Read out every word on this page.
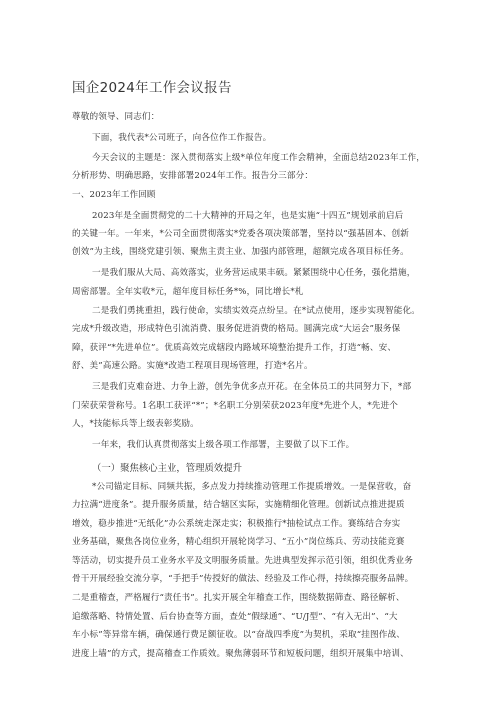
国企2024年工作会议报告
尊敬的领导、同志们：
下面，我代表*公司班子，向各位作工作报告。
今天会议的主题是：深入贯彻落实上级*单位年度工作会精神，全面总结2023年工作，
分析形势、明确思路，安排部署2024年工作。报告分三部分：
一、2023年工作回顾
2023年是全面贯彻党的二十大精神的开局之年，也是实施“十四五”规划承前启后
的关键一年。一年来，*公司全面贯彻落实*党委各项决策部署，坚持以“强基固本、创新
创效”为主线，围绕党建引领、聚焦主责主业、加强内部管理，超额完成各项目标任务。
一是我们服从大局、高效落实，业务营运成果丰硕。紧紧围绕中心任务，强化措施，
周密部署。全年实收*元，超年度目标任务*%，同比增长*札
二是我们勇挑重担，践行使命，实绩实效亮点纷呈。在*试点使用，逐步实现智能化。
完成*升级改造，形成特色引流消费、服务促进消费的格局。圆满完成“大运会”服务保
障，获评“*先进单位”。优质高效完成辖段内路域环境整治提升工作，打造“畅、安、
舒、美”高速公路。实施*改造工程项目现场管理，打造*名片。
三是我们克难奋进、力争上游，创先争优多点开花。在全体员工的共同努力下，*部
门荣获荣誉称号。1名职工获评“*”；*名职工分别荣获2023年度*先进个人，*先进个
人，*技能标兵等上级表彰奖励。
一年来，我们认真贯彻落实上级各项工作部署，主要做了以下工作。
（一）聚焦核心主业，管理质效提升
*公司锚定目标、同频共振，多点发力持续推动管理工作提质增效。一是保营收，奋
力拉满“进度条”。提升服务质量，结合辖区实际，实施精细化管理。创新试点推进提质
增效，稳步推进“无纸化”办公系统走深走实；积极推行*抽检试点工作。赛练结合夯实
业务基础，聚焦各岗位业务，精心组织开展轮岗学习、“五小”岗位练兵、劳动技能竞赛
等活动，切实提升员工业务水平及文明服务质量。先进典型发挥示范引领，组织优秀业务
骨干开展经验交流分享，“手把手”传授好的做法、经验及工作心得，持续擦亮服务品牌。
二是重稽查，严格履行“责任书”。扎实开展全年稽查工作，围绕数据筛查、路径解析、
追缴落略、特情处置、后台协查等方面，查处“假绿通”、“U/J型”、“有入无出”、“大
车小标”等异常车辆，确保通行费足额征收。以“奋战四季度”为契机，采取“挂图作战、
进度上墙”的方式，提高稽查工作质效。聚焦薄弱环节和短板问题，组织开展集中培训、
